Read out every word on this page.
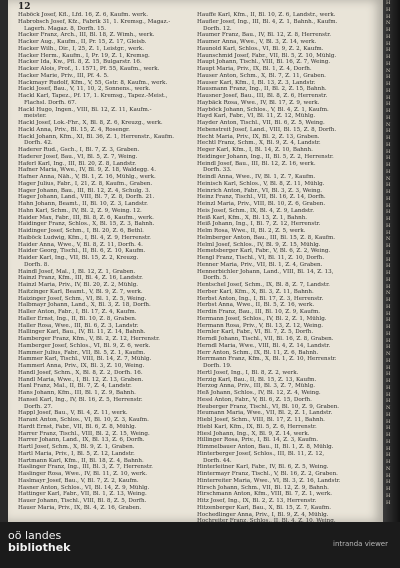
12
Haböck Josef, Kfl., Lfd. 16, Z. 6, Kaufm. werk.
Habrobsch Josef, Kfz., Fabrik 31, 1. Kremsg., Magaz.-
Lagerh. Magaz. 8, Dorfh. 15.
Hacker Franz, Arch., III, Bl. 18, Z. Wimh., werk.
Hacker Aug., Kaufm., II, Pr. 15, Z. 17, Gleisb.
Hacker Wilh., Dir., I, 25, Z. 1, Leistgr., werk.
Hacker Herm., Kaufm., I, Pr. 19, Z. 1, Kremsg.
Hacker Ida, Kw., Pfl. 8, Z. 15, Bulgarstr. 16.
Hacker Alois, Prof., 1. 1571, Pf. 55, Kaufm., werk.
Hacker Marie, Priv., III, Pf. 4. 5.
Hackmayr Rudolf, Kfm., V, 55, Gstr. 8, Kaufm., werk.
Hackl Josef, Bau., V, 11, 10, 2, Sonnens., werk.
Hackl Karl, Tapez., Pf. 17, 1. Kremsg., Tapez.-Meist.,
Flachsl. Dorfh. 67.
Hackl Hugo, Ingen., VIII, Bl. 12, Z. 11, Kaufm.-
meister.
Hackl Josef, Lok.-Fhr., X, Bl. 8, Z. 6, Kreuzg., werk.
Hackl Anna, Priv., Bl. 15, Z. 4, Rosengr.
Hackl Johann, Kfm., XI, Bl. 36, Z. 1, Herrenstr., Kaufm.
Dorfh. 42.
Haderer Rud., Gsch., I, Bl. 7, Z. 3, Graben.
Haderer Josef, Bau., VI, Bl. 5, Z. 7, Weing.
Haferl Karl, Ing., III, Bl. 20, Z. 8, Landstr.
Hafner Maria, Wwe., IV, Bl. 9, Z. 18, Waldegg. 4.
Hafner Anna, Näh., V, Bl. 1, Z. 16, Mühlg., werk.
Hager Julius, Fabr., I, 21, Z. 8, Kaufm., Graben.
Hager Johann, Bau., III, Bl. 12, Z. 4, Schulg. 3.
Hager Johann, Land., VIII, Bl. 7, Z. 8, Dorfh. 21.
Hahn Johann, Beamt., II, Bl. 10, Z. 3, Landstr.
Hahn Karl, Schm., IV, Bl. 2, Z. 9, Weing. 12.
Haider Max, Fabr., III, Bl. 8, Z. 6, Kaufm., werk.
Haidinger Franz, Schlos., X, Bl. 15, Z. 3, Bahnh.
Haidinger Josef, Schm., I, Bl. 20, Z. 6, Bethl.
Haiböck Ludwig, Kfm., I, Bl. 4, Z. 9, Herrenstr.
Haider Anna, Wwe., V, Bl. 8, Z. 11, Dorfh. 4.
Haider Georg, Tischl., II, Bl. 6, Z. 10, Kaufm.
Haider Karl, Ing., VII, Bl. 15, Z. 2, Kreuzg.
Dorfh. 8.
Haindl Josef, Mal., I, Bl. 12, Z. 1, Graben.
Hainzl Franz, Kfm., III, Bl. 4, Z. 16, Landstr.
Hainzl Maria, Priv., IV, Bl. 20, Z. 2, Mühlg.
Haitzinger Karl, Beamt., V, Bl. 9, Z. 7, werk.
Haizinger Josef, Schm., VI, Bl. 1, Z. 5, Weing.
Halbmayr Johann, Land., X, Bl. 3, Z. 18, Dorfh.
Haller Anton, Fabr., I, Bl. 17, Z. 4, Kaufm.
Haller Ernst, Ing., II, Bl. 10, Z. 8, Graben.
Haller Rosa, Wwe., III, Bl. 6, Z. 3, Landstr.
Hallinger Karl, Bau., IV, Bl. 11, Z. 14, Bahnh.
Hamberger Franz, Kfm., V, Bl. 2, Z. 12, Herrenstr.
Hamberger Josef, Schlos., VI, Bl. 9, Z. 6, werk.
Hammer Julius, Fabr., VII, Bl. 5, Z. 1, Kaufm.
Hammer Karl, Tischl., VIII, Bl. 14, Z. 7, Mühlg.
Hammerl Anna, Priv., IX, Bl. 3, Z. 10, Weing.
Handl Josef, Schm., X, Bl. 8, Z. 2, Dorfh. 16.
Handl Maria, Wwe., I, Bl. 12, Z. 13, Graben.
Hanl Franz, Mal., II, Bl. 7, Z. 4, Landstr.
Hans Johann, Kfm., III, Bl. 1, Z. 9, Bahnh.
Hansel Karl, Ing., IV, Bl. 16, Z. 5, Herrenstr.
Dorfh. 27.
Happl Josef, Bau., V, Bl. 4, Z. 11, werk.
Harant Anton, Schlos., VI, Bl. 10, Z. 3, Kaufm.
Hardt Ernst, Fabr., VII, Bl. 6, Z. 8, Mühlg.
Harrer Franz, Tischl., VIII, Bl. 2, Z. 15, Weing.
Harrer Johann, Land., IX, Bl. 13, Z. 6, Dorfh.
Hartl Josef, Schm., X, Bl. 9, Z. 1, Graben.
Hartl Maria, Priv., I, Bl. 5, Z. 12, Landstr.
Hartmann Karl, Kfm., II, Bl. 18, Z. 4, Bahnh.
Haslinger Franz, Ing., III, Bl. 3, Z. 7, Herrenstr.
Haslinger Rosa, Wwe., IV, Bl. 11, Z. 10, werk.
Haslmayr Josef, Bau., V, Bl. 7, Z. 2, Kaufm.
Hasner Anton, Schlos., VI, Bl. 14, Z. 9, Mühlg.
Hattinger Karl, Fabr., VII, Bl. 1, Z. 13, Weing.
Hauer Johann, Tischl., VIII, Bl. 8, Z. 5, Dorfh.
Hauer Maria, Priv., IX, Bl. 4, Z. 16, Graben.
Hauffe Karl, Kfm., II, Bl. 10, Z. 6, Landstr., werk.
Haufler Josef, Ing., III, Bl. 4, Z. 1, Bahnh., Kaufm.
Dorfh. 12.
Haumer Franz, Bau., IV, Bl. 12, Z. 8, Herrenstr.
Haumer Anna, Wwe., V, Bl. 3, Z. 14, werk.
Haunold Karl, Schlos., VI, Bl. 9, Z. 2, Kaufm.
Haunschmid Josef, Fabr., VII, Bl. 5, Z. 10, Mühlg.
Haupt Johann, Tischl., VIII, Bl. 16, Z. 7, Weing.
Haupt Maria, Priv., IX, Bl. 1, Z. 4, Dorfh.
Hauser Anton, Schm., X, Bl. 7, Z. 11, Graben.
Hauser Karl, Kfm., I, Bl. 13, Z. 3, Landstr.
Hausmann Franz, Ing., II, Bl. 2, Z. 15, Bahnh.
Hausner Josef, Bau., III, Bl. 8, Z. 6, Herrenstr.
Haybäck Rosa, Wwe., IV, Bl. 17, Z. 9, werk.
Hayböck Johann, Schlos., V, Bl. 4, Z. 1, Kaufm.
Hayd Karl, Fabr., VI, Bl. 11, Z. 12, Mühlg.
Hayder Anton, Tischl., VII, Bl. 6, Z. 5, Weing.
Hebenstreit Josef, Land., VIII, Bl. 15, Z. 8, Dorfh.
Hecht Maria, Priv., IX, Bl. 2, Z. 13, Graben.
Hechtl Franz, Schm., X, Bl. 9, Z. 4, Landstr.
Heger Karl, Kfm., I, Bl. 14, Z. 10, Bahnh.
Heidinger Johann, Ing., II, Bl. 5, Z. 2, Herrenstr.
Heindl Josef, Bau., III, Bl. 12, Z. 16, werk.
Dorfh. 33.
Heindl Anna, Wwe., IV, Bl. 1, Z. 7, Kaufm.
Heinisch Karl, Schlos., V, Bl. 8, Z. 11, Mühlg.
Heinrich Anton, Fabr., VI, Bl. 3, Z. 3, Weing.
Heinz Franz, Tischl., VII, Bl. 16, Z. 14, Dorfh.
Heinzl Maria, Priv., VIII, Bl. 10, Z. 6, Graben.
Heis Josef, Schm., IX, Bl. 4, Z. 9, Landstr.
Heiß Karl, Kfm., X, Bl. 13, Z. 1, Bahnh.
Heiß Johann, Ing., I, Bl. 7, Z. 12, Herrenstr.
Helm Rosa, Wwe., II, Bl. 2, Z. 5, werk.
Helmberger Anton, Bau., III, Bl. 15, Z. 8, Kaufm.
Helml Josef, Schlos., IV, Bl. 9, Z. 15, Mühlg.
Hemetsberger Karl, Fabr., V, Bl. 6, Z. 2, Weing.
Hengl Franz, Tischl., VI, Bl. 11, Z. 10, Dorfh.
Henner Maria, Priv., VII, Bl. 1, Z. 4, Graben.
Hennerbichler Johann, Land., VIII, Bl. 14, Z. 13,
Dorfh. 5.
Hentschel Josef, Schm., IX, Bl. 8, Z. 7, Landstr.
Herber Karl, Kfm., X, Bl. 3, Z. 11, Bahnh.
Herbst Anton, Ing., I, Bl. 17, Z. 3, Herrenstr.
Herbst Anna, Wwe., II, Bl. 5, Z. 16, werk.
Herdin Franz, Bau., III, Bl. 10, Z. 9, Kaufm.
Hermann Josef, Schlos., IV, Bl. 2, Z. 1, Mühlg.
Hermann Rosa, Priv., V, Bl. 13, Z. 12, Weing.
Hernler Karl, Fabr., VI, Bl. 7, Z. 5, Dorfh.
Herndl Johann, Tischl., VII, Bl. 16, Z. 8, Graben.
Herndl Maria, Wwe., VIII, Bl. 4, Z. 14, Landstr.
Herr Anton, Schm., IX, Bl. 11, Z. 6, Bahnh.
Herrmann Franz, Kfm., X, Bl. 1, Z. 10, Herrenstr.
Dorfh. 19.
Hertl Josef, Ing., I, Bl. 8, Z. 2, werk.
Herzig Karl, Bau., II, Bl. 15, Z. 13, Kaufm.
Herzog Anna, Priv., III, Bl. 3, Z. 7, Mühlg.
Heß Johann, Schlos., IV, Bl. 12, Z. 4, Weing.
Hessl Anton, Fabr., V, Bl. 6, Z. 15, Dorfh.
Heuberger Franz, Tischl., VI, Bl. 10, Z. 9, Graben.
Heumann Maria, Wwe., VII, Bl. 2, Z. 1, Landstr.
Hiebl Josef, Schm., VIII, Bl. 17, Z. 11, Bahnh.
Hiebl Karl, Kfm., IX, Bl. 5, Z. 6, Herrenstr.
Hiesl Johann, Ing., X, Bl. 9, Z. 14, werk.
Hillinger Rosa, Priv., I, Bl. 14, Z. 3, Kaufm.
Himmelbauer Anton, Bau., II, Bl. 1, Z. 8, Mühlg.
Hinterberger Josef, Schlos., III, Bl. 11, Z. 12,
Dorfh. 44.
Hinterleitner Karl, Fabr., IV, Bl. 6, Z. 5, Weing.
Hintermayr Franz, Tischl., V, Bl. 16, Z. 2, Graben.
Hinterreiter Maria, Wwe., VI, Bl. 3, Z. 16, Landstr.
Hirsch Johann, Schm., VII, Bl. 12, Z. 9, Bahnh.
Hirschmann Anton, Kfm., VIII, Bl. 7, Z. 1, werk.
Hitz Josef, Ing., IX, Bl. 2, Z. 13, Herrenstr.
Hitzenberger Karl, Bau., X, Bl. 15, Z. 7, Kaufm.
Hochedlinger Anna, Priv., I, Bl. 9, Z. 4, Mühlg.
H
H
H
N
H
H
H
H
H
H
N
H
H
H
H
H
H
H
N
H
H
H
H
H
H
H
N
H
H
H
H
H
H
H
H
N
H
H
H
H
H
H
H
N
H
H
H
H
H
H
H
H
N
H
H
H
H
H
H
H
N
H
H
H
H
H
H
H
H
N
H
H
H
H
H
oö landes
bibliothek	intranda viewer
